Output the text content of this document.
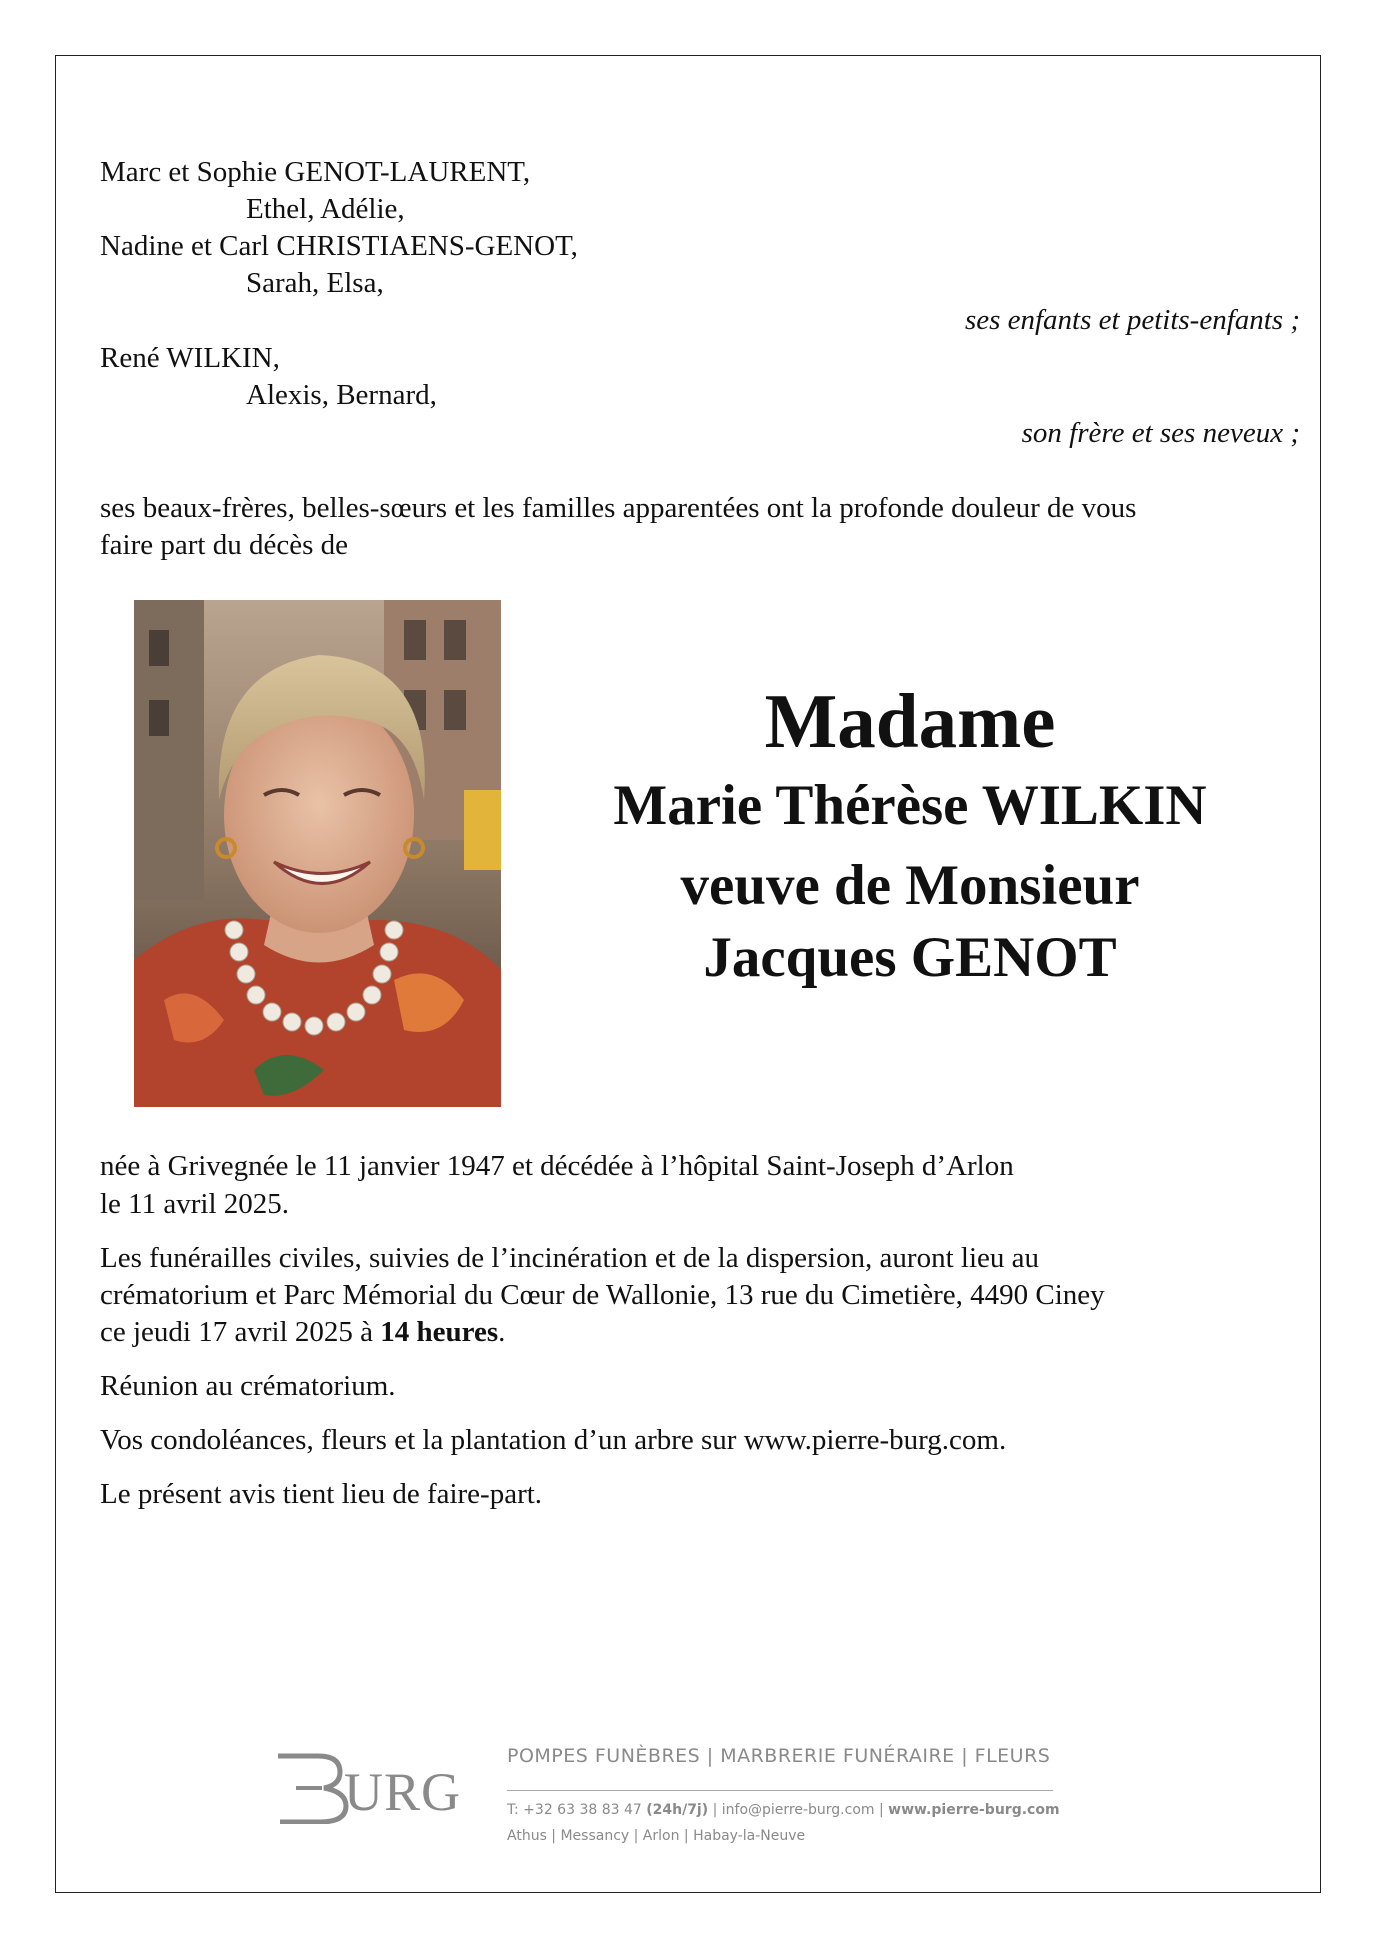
Marc et Sophie GENOT-LAURENT,
Ethel, Adélie,
Nadine et Carl CHRISTIAENS-GENOT,
Sarah, Elsa,
ses enfants et petits-enfants ;
René WILKIN,
Alexis, Bernard,
son frère et ses neveux ;
ses beaux-frères, belles-sœurs et les familles apparentées ont la profonde douleur de vous
faire part du décès de
Madame
Marie Thérèse WILKIN
veuve de Monsieur
Jacques GENOT
née à Grivegnée le 11 janvier 1947 et décédée à l’hôpital Saint-Joseph d’Arlon
le 11 avril 2025.
Les funérailles civiles, suivies de l’incinération et de la dispersion, auront lieu au
crématorium et Parc Mémorial du Cœur de Wallonie, 13 rue du Cimetière, 4490 Ciney
ce jeudi 17 avril 2025 à 14 heures.
Réunion au crématorium.
Vos condoléances, fleurs et la plantation d’un arbre sur www.pierre-burg.com.
Le présent avis tient lieu de faire-part.
URG
POMPES FUNÈBRES | MARBRERIE FUNÉRAIRE | FLEURS
T: +32 63 38 83 47 (24h/7j) | info@pierre-burg.com | www.pierre-burg.com
Athus | Messancy | Arlon | Habay-la-Neuve
